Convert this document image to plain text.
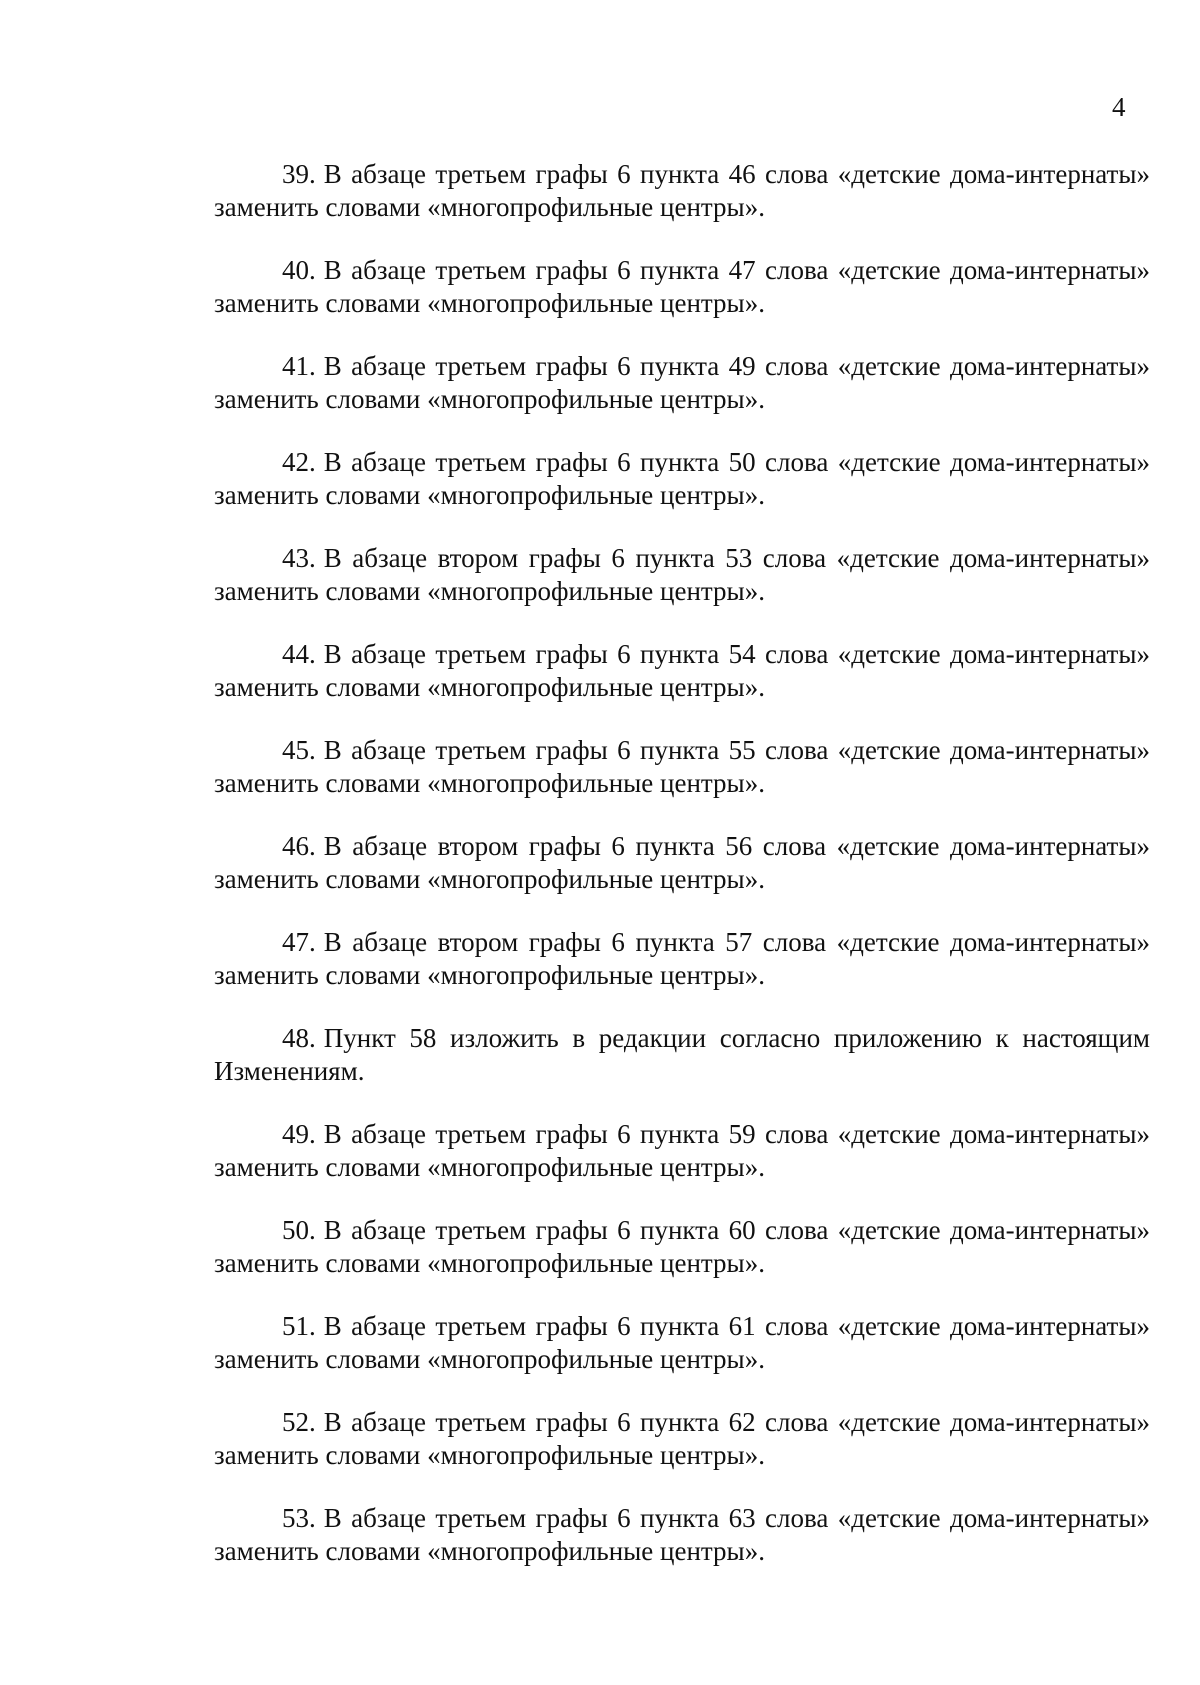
4

39. В абзаце третьем графы 6 пункта 46 слова «детские дома-интернаты» заменить словами «многопрофильные центры».

40. В абзаце третьем графы 6 пункта 47 слова «детские дома-интернаты» заменить словами «многопрофильные центры».

41. В абзаце третьем графы 6 пункта 49 слова «детские дома-интернаты» заменить словами «многопрофильные центры».

42. В абзаце третьем графы 6 пункта 50 слова «детские дома-интернаты» заменить словами «многопрофильные центры».

43. В абзаце втором графы 6 пункта 53 слова «детские дома-интернаты» заменить словами «многопрофильные центры».

44. В абзаце третьем графы 6 пункта 54 слова «детские дома-интернаты» заменить словами «многопрофильные центры».

45. В абзаце третьем графы 6 пункта 55 слова «детские дома-интернаты» заменить словами «многопрофильные центры».

46. В абзаце втором графы 6 пункта 56 слова «детские дома-интернаты» заменить словами «многопрофильные центры».

47. В абзаце втором графы 6 пункта 57 слова «детские дома-интернаты» заменить словами «многопрофильные центры».

48. Пункт 58 изложить в редакции согласно приложению к настоящим Изменениям.

49. В абзаце третьем графы 6 пункта 59 слова «детские дома-интернаты» заменить словами «многопрофильные центры».

50. В абзаце третьем графы 6 пункта 60 слова «детские дома-интернаты» заменить словами «многопрофильные центры».

51. В абзаце третьем графы 6 пункта 61 слова «детские дома-интернаты» заменить словами «многопрофильные центры».

52. В абзаце третьем графы 6 пункта 62 слова «детские дома-интернаты» заменить словами «многопрофильные центры».

53. В абзаце третьем графы 6 пункта 63 слова «детские дома-интернаты» заменить словами «многопрофильные центры».
